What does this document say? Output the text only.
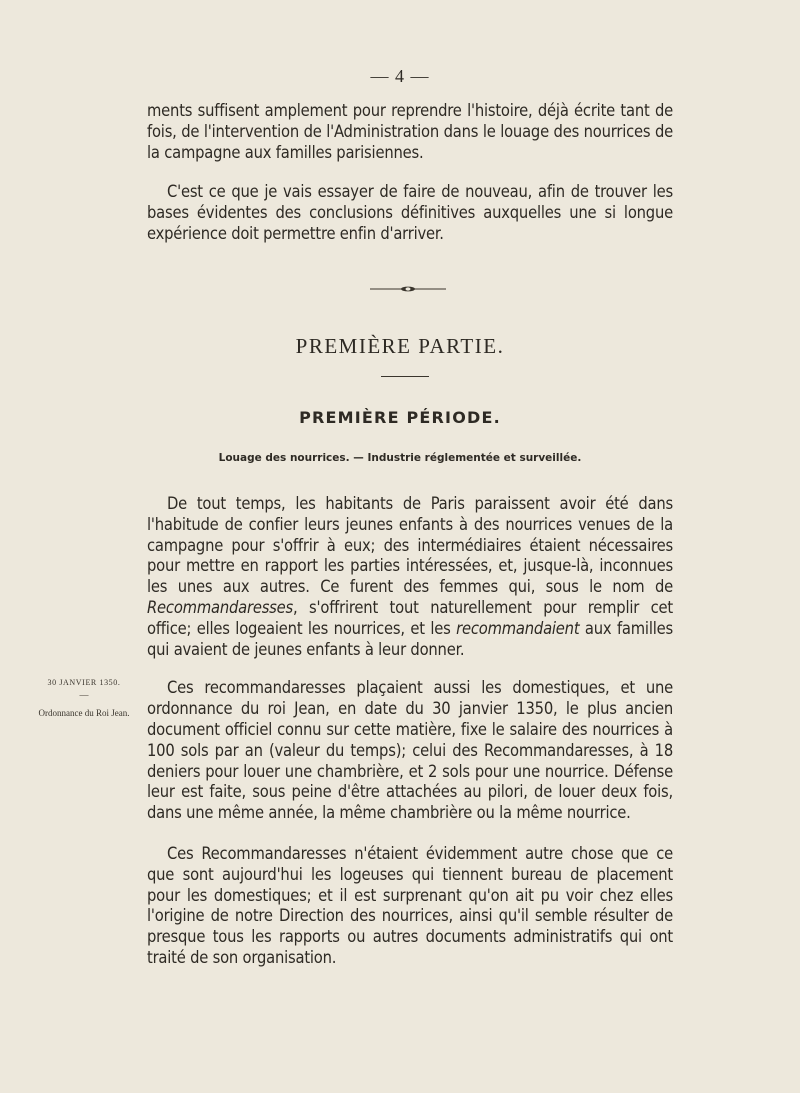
— 4 —

ments suffisent amplement pour reprendre l'histoire, déjà écrite tant de fois, de l'intervention de l'Administration dans le louage des nourrices de la campagne aux familles parisiennes.

C'est ce que je vais essayer de faire de nouveau, afin de trouver les bases évidentes des conclusions définitives auxquelles une si longue expérience doit permettre enfin d'arriver.

PREMIÈRE PARTIE.
PREMIÈRE PÉRIODE.
Louage des nourrices. — Industrie réglementée et surveillée.

De tout temps, les habitants de Paris paraissent avoir été dans l'habitude de confier leurs jeunes enfants à des nourrices venues de la campagne pour s'offrir à eux; des intermédiaires étaient nécessaires pour mettre en rapport les parties intéressées, et, jusque-là, inconnues les unes aux autres. Ce furent des femmes qui, sous le nom de Recommandaresses, s'offrirent tout naturellement pour remplir cet office; elles logeaient les nourrices, et les recommandaient aux familles qui avaient de jeunes enfants à leur donner.

Ces recommandaresses plaçaient aussi les domestiques, et une ordonnance du roi Jean, en date du 30 janvier 1350, le plus ancien document officiel connu sur cette matière, fixe le salaire des nourrices à 100 sols par an (valeur du temps); celui des Recommandaresses, à 18 deniers pour louer une chambrière, et 2 sols pour une nourrice. Défense leur est faite, sous peine d'être attachées au pilori, de louer deux fois, dans une même année, la même chambrière ou la même nourrice.

Ces Recommandaresses n'étaient évidemment autre chose que ce que sont aujourd'hui les logeuses qui tiennent bureau de placement pour les domestiques; et il est surprenant qu'on ait pu voir chez elles l'origine de notre Direction des nourrices, ainsi qu'il semble résulter de presque tous les rapports ou autres documents administratifs qui ont traité de son organisation.

30 JANVIER 1350.
—
Ordonnance du Roi Jean.
